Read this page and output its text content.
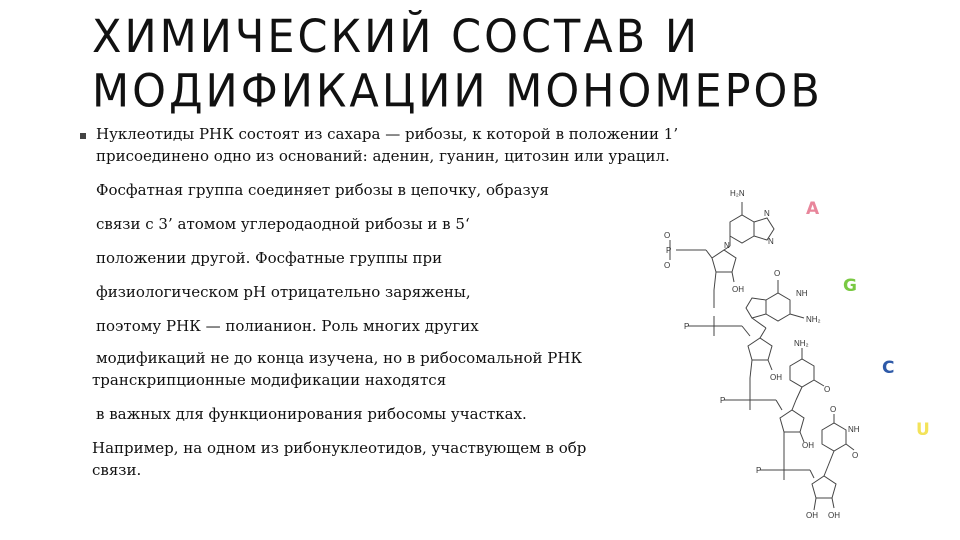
ХИМИЧЕСКИЙ СОСТАВ И
МОДИФИКАЦИИ МОНОМЕРОВ

Нуклеотиды РНК состоят из сахара — рибозы, к которой в положении 1’

присоединено одно из оснований: аденин, гуанин, цитозин или урацил.

Фосфатная группа соединяет рибозы в цепочку, образуя

связи с 3’ атомом углеродаодной рибозы и в 5‘

положении другой. Фосфатные группы при

физиологическом рН отрицательно заряжены,

поэтому РНК — полианион. Роль многих других

модификаций не до конца изучена, но в рибосомальной РНК

транскрипционные модификации находятся

в важных для функционирования рибосомы участках.

Например, на одном из рибонуклеотидов, участвующем в обр

связи.

A
G
C
U
H₂N
N
N
N
O
P
O
OH
O
NH
NH₂
P
OH
NH₂
O
P
OH
O
NH
O
P
OH OH
